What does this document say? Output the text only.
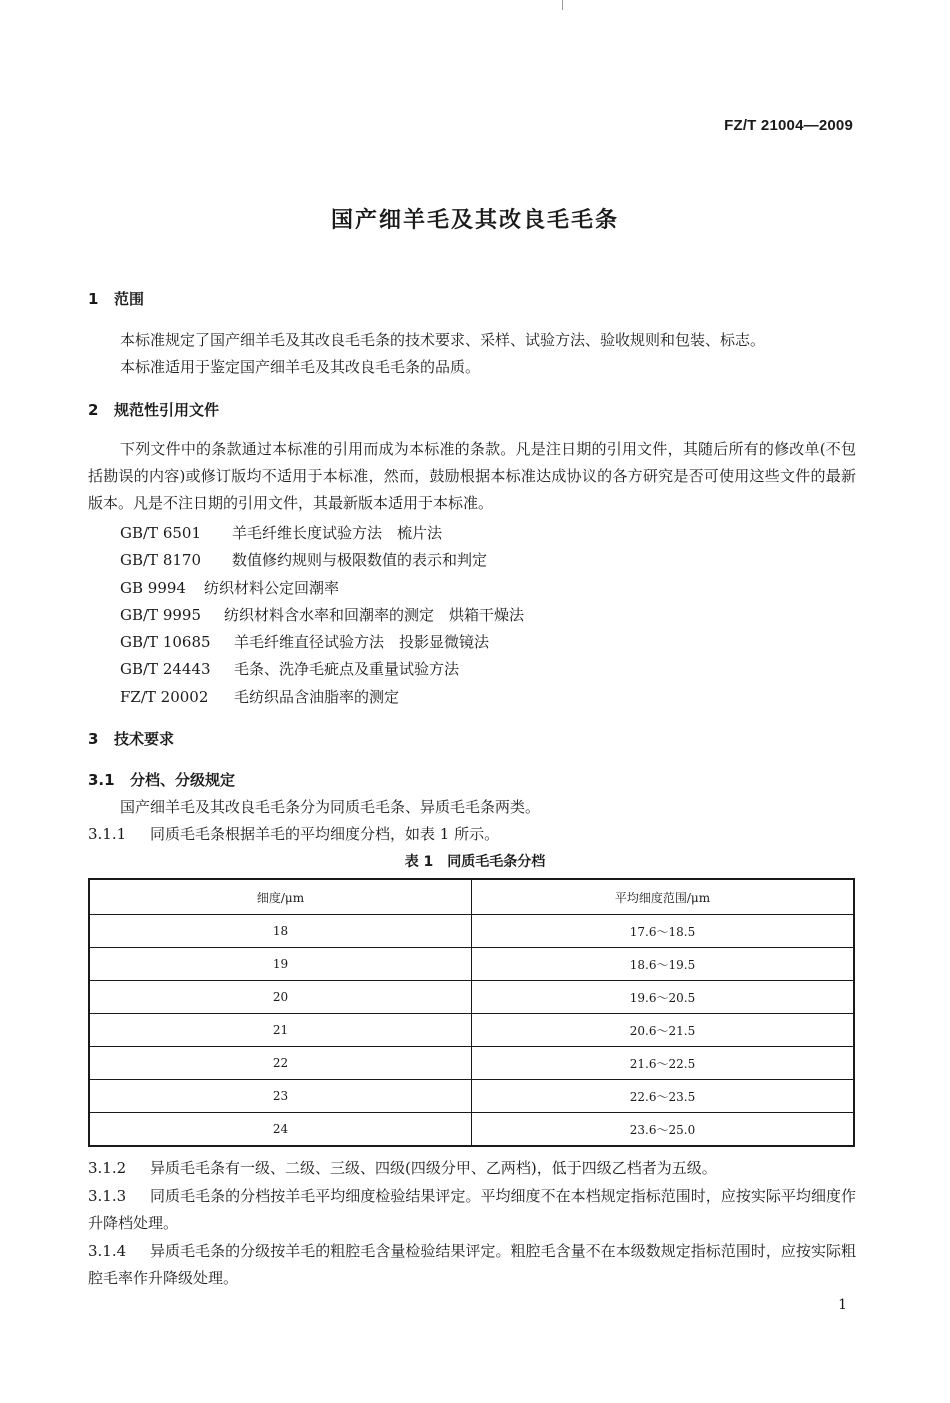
FZ/T 21004—2009
国产细羊毛及其改良毛毛条
1 范围
本标准规定了国产细羊毛及其改良毛毛条的技术要求、采样、试验方法、验收规则和包装、标志。
本标准适用于鉴定国产细羊毛及其改良毛毛条的品质。
2 规范性引用文件
下列文件中的条款通过本标准的引用而成为本标准的条款。凡是注日期的引用文件，其随后所有的修改单(不包括勘误的内容)或修订版均不适用于本标准，然而，鼓励根据本标准达成协议的各方研究是否可使用这些文件的最新版本。凡是不注日期的引用文件，其最新版本适用于本标准。
GB/T 6501 羊毛纤维长度试验方法　梳片法
GB/T 8170 数值修约规则与极限数值的表示和判定
GB 9994 纺织材料公定回潮率
GB/T 9995 纺织材料含水率和回潮率的测定　烘箱干燥法
GB/T 10685 羊毛纤维直径试验方法　投影显微镜法
GB/T 24443 毛条、洗净毛疵点及重量试验方法
FZ/T 20002 毛纺织品含油脂率的测定
3 技术要求
3.1 分档、分级规定
国产细羊毛及其改良毛毛条分为同质毛毛条、异质毛毛条两类。
3.1.1 同质毛毛条根据羊毛的平均细度分档，如表 1 所示。
表 1　同质毛毛条分档
细度/μm	平均细度范围/μm
18	17.6～18.5
19	18.6～19.5
20	19.6～20.5
21	20.6～21.5
22	21.6～22.5
23	22.6～23.5
24	23.6～25.0
3.1.2 异质毛毛条有一级、二级、三级、四级(四级分甲、乙两档)，低于四级乙档者为五级。
3.1.3 同质毛毛条的分档按羊毛平均细度检验结果评定。平均细度不在本档规定指标范围时，应按实际平均细度作升降档处理。
3.1.4 异质毛毛条的分级按羊毛的粗腔毛含量检验结果评定。粗腔毛含量不在本级数规定指标范围时，应按实际粗腔毛率作升降级处理。
1
